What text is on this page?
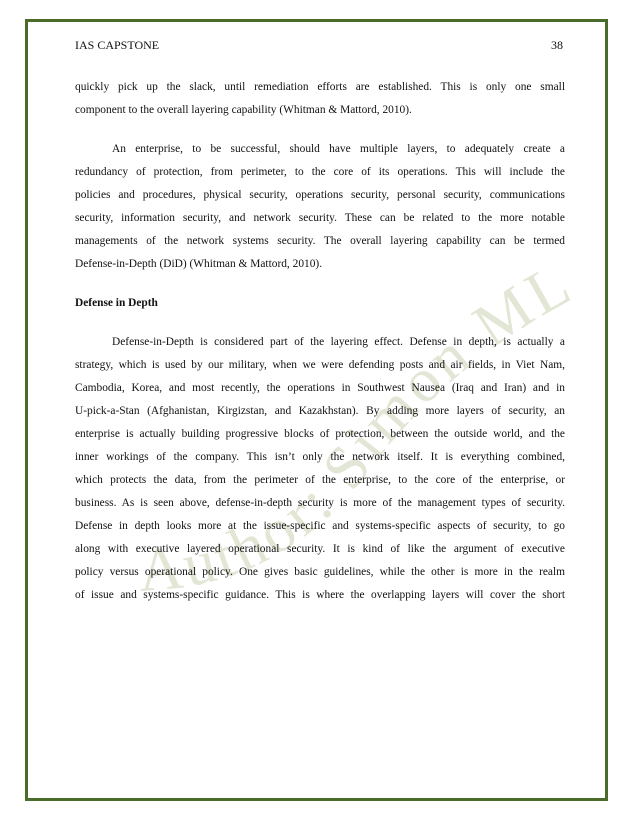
IAS CAPSTONE	38
Author: Simon ML
quickly pick up the slack, until remediation efforts are established. This is only one small
component to the overall layering capability (Whitman & Mattord, 2010).
An enterprise, to be successful, should have multiple layers, to adequately create a
redundancy of protection, from perimeter, to the core of its operations. This will include the
policies and procedures, physical security, operations security, personal security, communications
security, information security, and network security. These can be related to the more notable
managements of the network systems security. The overall layering capability can be termed
Defense-in-Depth (DiD) (Whitman & Mattord, 2010).
Defense in Depth
Defense-in-Depth is considered part of the layering effect. Defense in depth, is actually a
strategy, which is used by our military, when we were defending posts and air fields, in Viet Nam,
Cambodia, Korea, and most recently, the operations in Southwest Nausea (Iraq and Iran) and in
U-pick-a-Stan (Afghanistan, Kirgizstan, and Kazakhstan). By adding more layers of security, an
enterprise is actually building progressive blocks of protection, between the outside world, and the
inner workings of the company. This isn’t only the network itself. It is everything combined,
which protects the data, from the perimeter of the enterprise, to the core of the enterprise, or
business. As is seen above, defense-in-depth security is more of the management types of security.
Defense in depth looks more at the issue-specific and systems-specific aspects of security, to go
along with executive layered operational security. It is kind of like the argument of executive
policy versus operational policy. One gives basic guidelines, while the other is more in the realm
of issue and systems-specific guidance. This is where the overlapping layers will cover the short
